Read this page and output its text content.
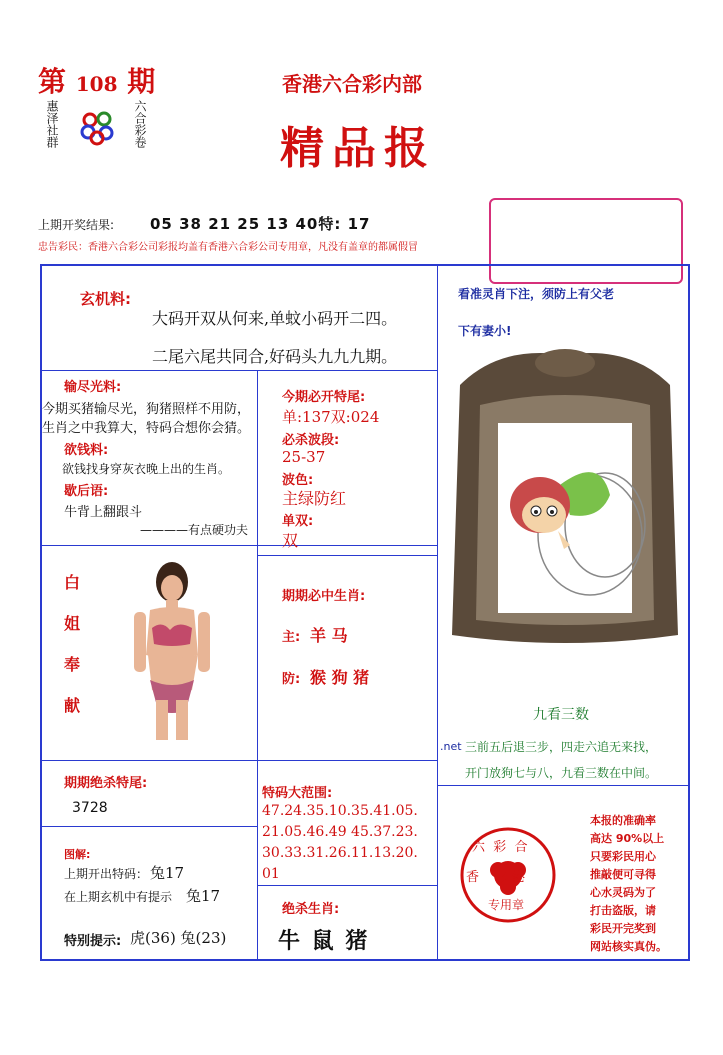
第 108 期
惠泽社群	六合彩卷
香港六合彩内部
精品报
上期开奖结果: 05 38 21 25 13 40特: 17
忠告彩民：香港六合彩公司彩报均盖有香港六合彩公司专用章，凡没有盖章的都属假冒
玄机料:
大码开双从何来,单蚊小码开二四。
二尾六尾共同合,好码头九九九期。
输尽光料:
今期买猪输尽光，狗猪照样不用防，生肖之中我算大，特码合想你会猜。
欲钱料:
欲钱找身穿灰衣晚上出的生肖。
歇后语:
牛背上翻跟斗
————有点硬功夫
白
姐
奉
献
期期绝杀特尾:
3728
图解:
上期开出特码： 兔17
在上期玄机中有提示 兔17
特别提示: 虎(36) 兔(23)
今期必开特尾:
单:137双:024
必杀波段:
25-37
波色:
主绿防红
单双:
双
期期必中生肖:
主: 羊 马
防: 猴 狗 猪
特码大范围:
47.24.35.10.35.41.05.
21.05.46.49 45.37.23.
30.33.31.26.11.13.20.
01
绝杀生肖:
牛 鼠 猪
看准灵肖下注，须防上有父老
下有妻小!
九看三数
.net 三前五后退三步，四走六追无来找，
开门放狗七与八，九看三数在中间。
六  彩  合
香        港
专用章
本报的准确率
高达 90%以上
只要彩民用心
推敲便可寻得
心水灵码为了
打击盗版，请
彩民开完奖到
网站核实真伪。
